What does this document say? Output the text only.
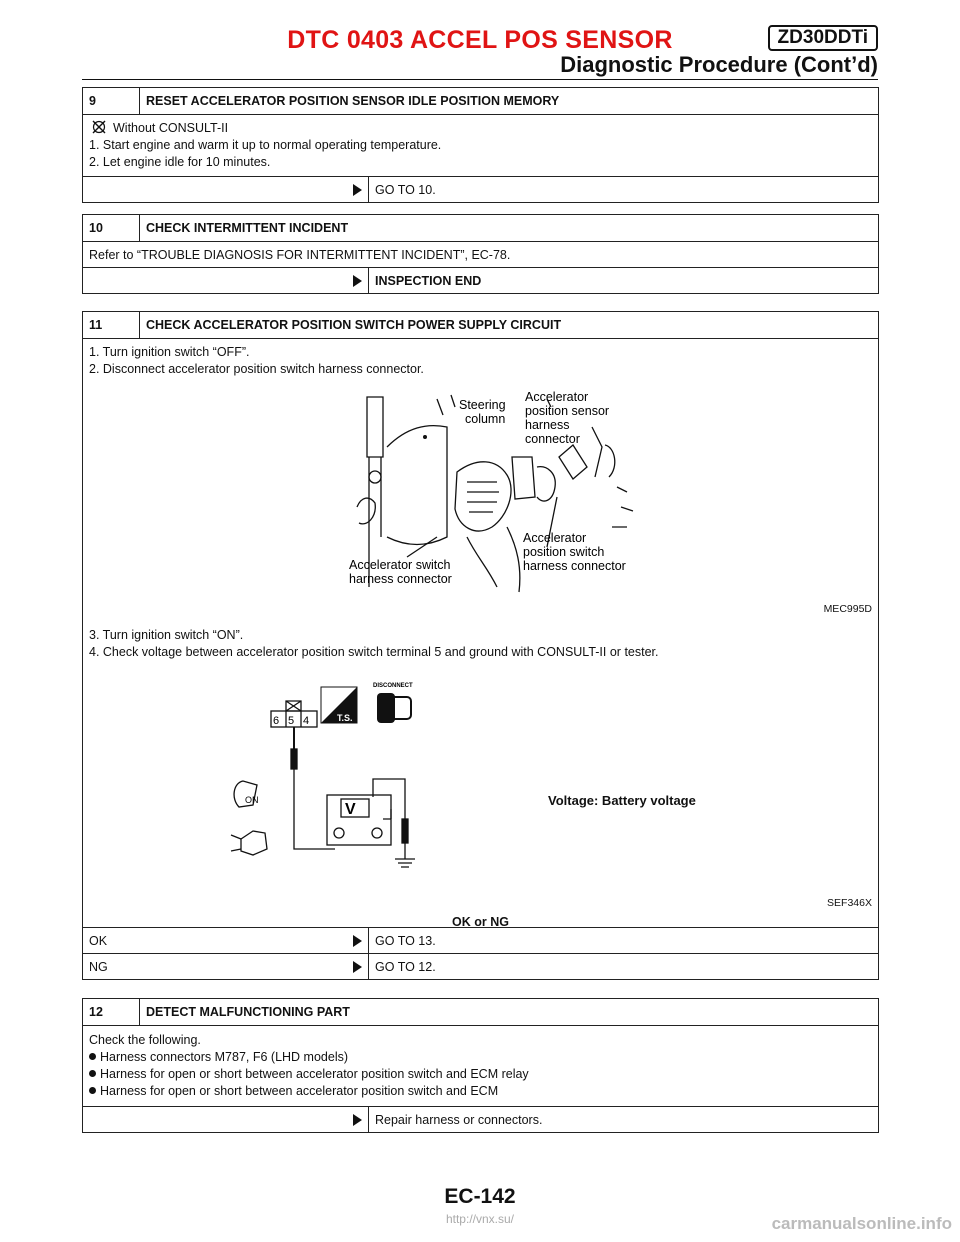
DTC 0403 ACCEL POS SENSOR	ZD30DDTi
Diagnostic Procedure (Cont’d)
9	RESET ACCELERATOR POSITION SENSOR IDLE POSITION MEMORY
Without CONSULT-II
1. Start engine and warm it up to normal operating temperature.
2. Let engine idle for 10 minutes.
GO TO 10.
10	CHECK INTERMITTENT INCIDENT
Refer to “TROUBLE DIAGNOSIS FOR INTERMITTENT INCIDENT”, EC-78.
INSPECTION END
11	CHECK ACCELERATOR POSITION SWITCH POWER SUPPLY CIRCUIT
1. Turn ignition switch “OFF”.
2. Disconnect accelerator position switch harness connector.
Steering
column
Accelerator
position sensor
harness
connector
Accelerator
position switch
harness connector
Accelerator switch
harness connector
MEC995D
3. Turn ignition switch “ON”.
4. Check voltage between accelerator position switch terminal 5 and ground with CONSULT-II or tester.
6 5 4
V
ON
T.S.
DISCONNECT
Voltage: Battery voltage
SEF346X
OK or NG
OK	GO TO 13.
NG	GO TO 12.
12	DETECT MALFUNCTIONING PART
Check the following.
Harness connectors M787, F6 (LHD models)
Harness for open or short between accelerator position switch and ECM relay
Harness for open or short between accelerator position switch and ECM
Repair harness or connectors.
EC-142
http://vnx.su/	carmanualsonline.info
